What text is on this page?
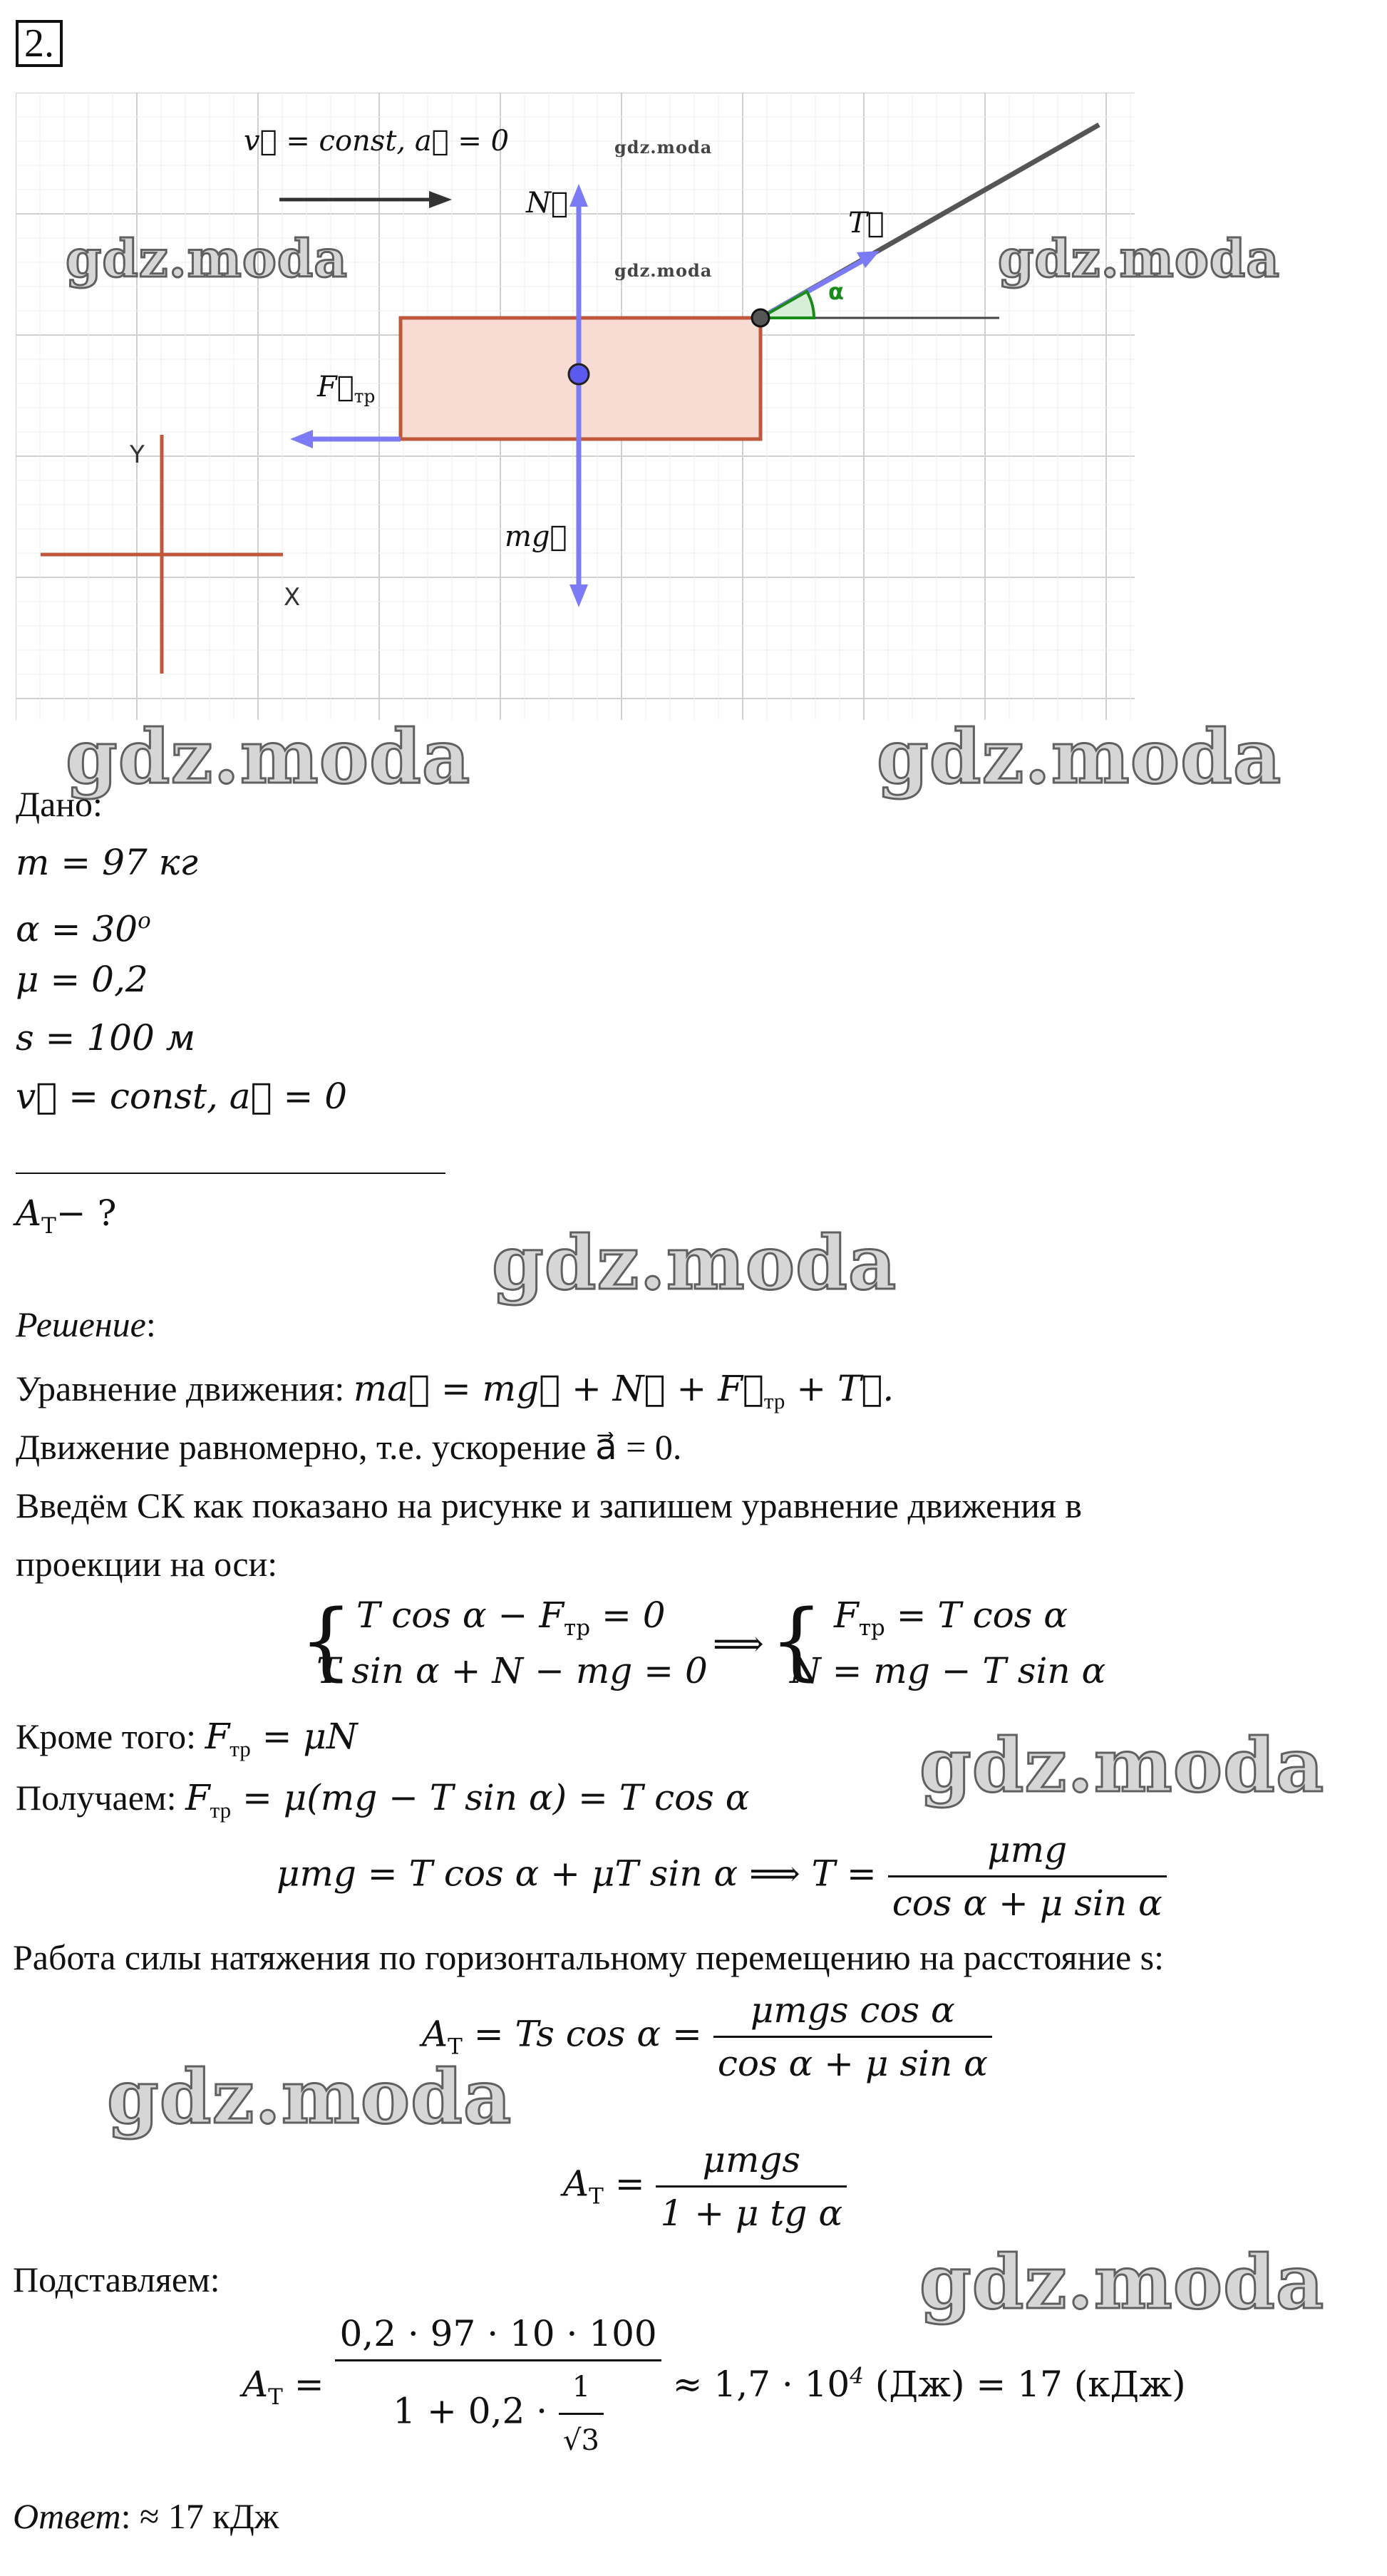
2.
v⃗ = const, a⃗ = 0
N⃗
T⃗
α
$F⃗_{тр}$
mg⃗
Y
X
gdz.moda
gdz.moda
gdz.moda	gdz.moda
gdz.moda	gdz.moda
gdz.moda
gdz.moda
gdz.moda
gdz.moda
Дано:
m = 97 кг
$\alpha = 30^o$
μ = 0,2
s = 100 м
v⃗ = const, a⃗ = 0
$A_T-$ ?
Решение:
Уравнение движения: ma⃗ = mg⃗ + N⃗ + $F⃗_{тр}$ + T⃗.
Движение равномерно, т.е. ускорение a⃗ = 0.
Введём СК как показано на рисунке и запишем уравнение движения в
проекции на оси:
{ T $\cos \alpha - F_{тр} = 0$
T sin α + N − mg = 0
⟹ { $F_{тр} = T$ cos α
N = mg − T sin α
Кроме того: $F_{тр} = \mu N$
Получаем: $F_{тр} = \mu(mg - T$ sin α) = T cos α
μmg = T cos α + μT sin α ⟹ $T = \frac{\text{μmg}}{\text{cos α + μ sin α}}$
Работа силы натяжения по горизонтальному перемещению на расстояние s:
$A_T = Ts$ $\cos \alpha = \frac{\text{μmgs cos α}}{\text{cos α + μ sin α}}$
$A_T = \frac{\text{μmgs}}{\text{1 + μ tg α}}$
Подставляем:
$A_T = \frac{0,2 \cdot 97 \cdot 10 \cdot 100}{1 + 0,2 \cdot \frac{1}{√3}} \approx 1,7 \cdot 10^4$ (Дж) = 17 (кДж)
Ответ: ≈ 17 кДж
